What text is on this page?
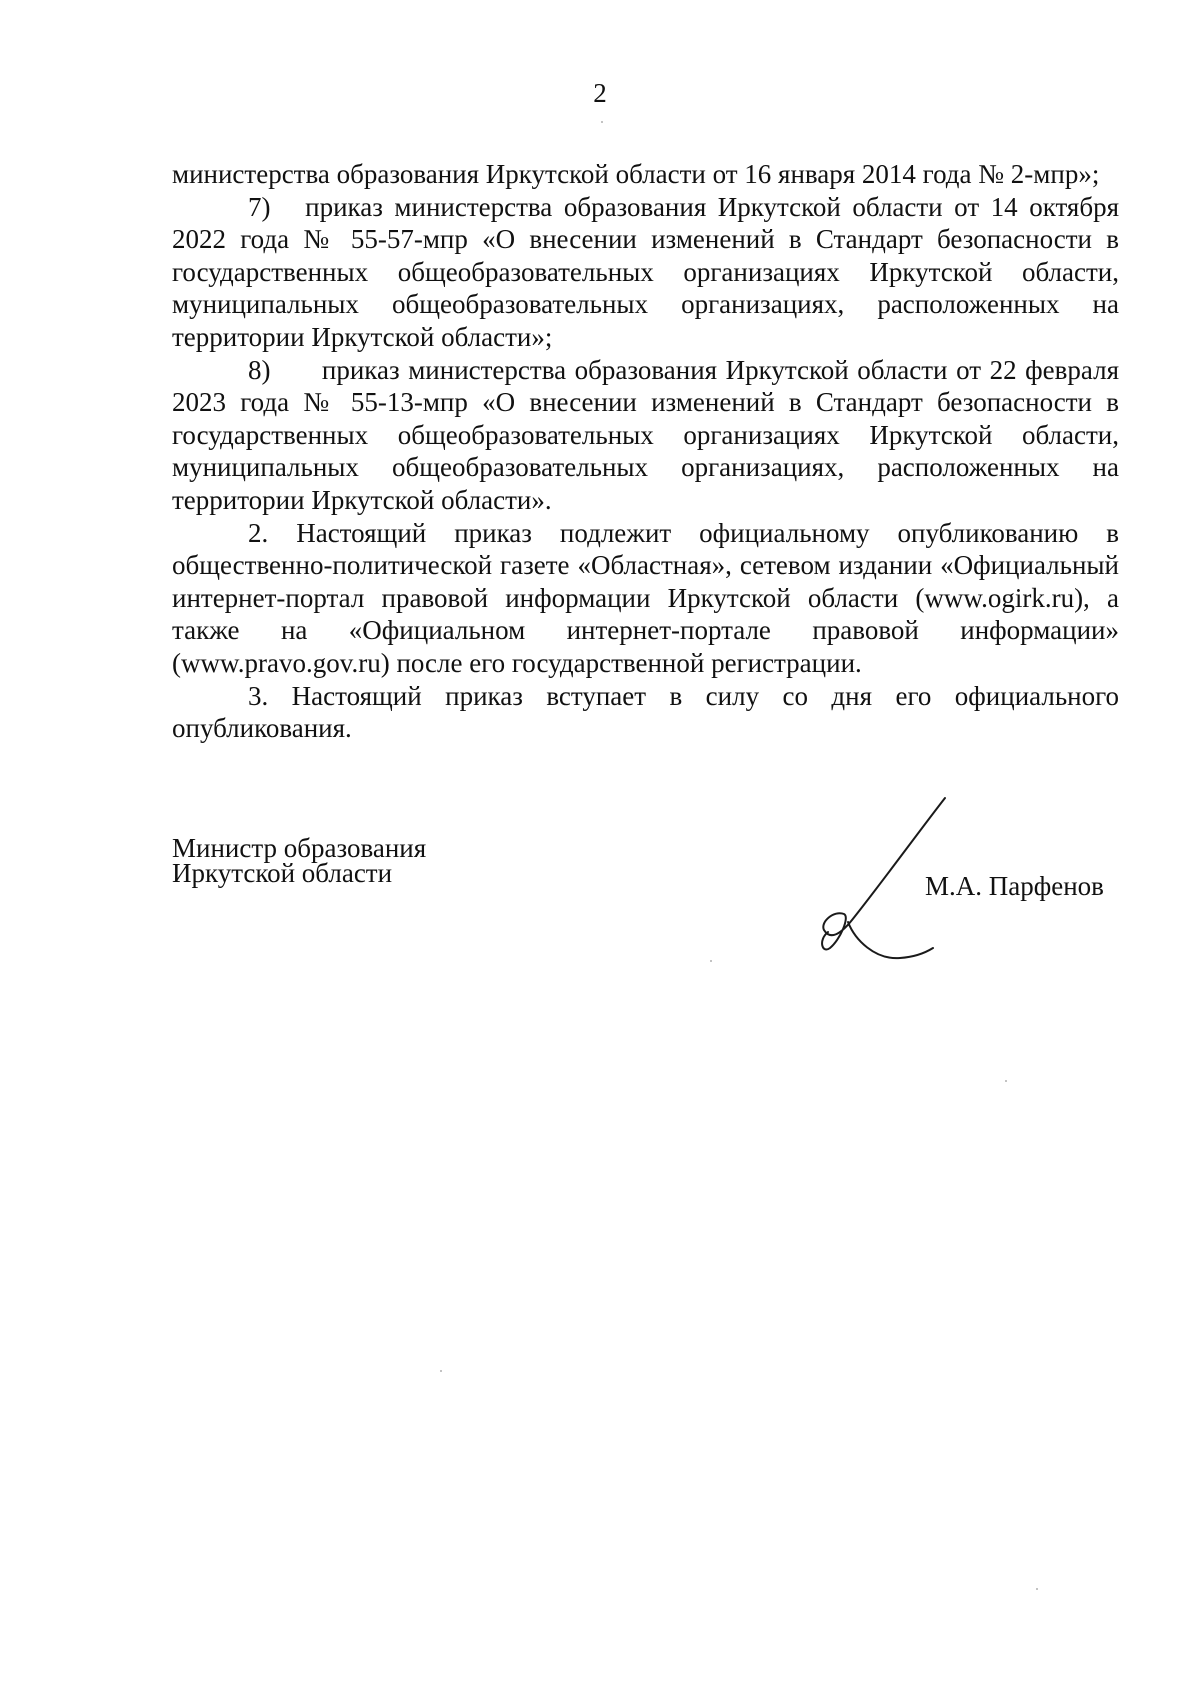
2

министерства образования Иркутской области от 16 января 2014 года № 2-мпр»;

7)   приказ министерства образования Иркутской области от 14 октября 2022 года № 55-57-мпр «О внесении изменений в Стандарт безопасности в государственных общеобразовательных организациях Иркутской области, муниципальных общеобразовательных организациях, расположенных на территории Иркутской области»;

8)      приказ министерства образования Иркутской области от 22 февраля 2023 года № 55-13-мпр «О внесении изменений в Стандарт безопасности в государственных общеобразовательных организациях Иркутской области, муниципальных общеобразовательных организациях, расположенных на территории Иркутской области».

2. Настоящий приказ подлежит официальному опубликованию в общественно-политической газете «Областная», сетевом издании «Официальный интернет-портал правовой информации Иркутской области (www.ogirk.ru), а также на «Официальном интернет-портале правовой информации» (www.pravo.gov.ru) после его государственной регистрации.

3. Настоящий приказ вступает в силу со дня его официального опубликования.

Министр образования
Иркутской области	М.А. Парфенов
